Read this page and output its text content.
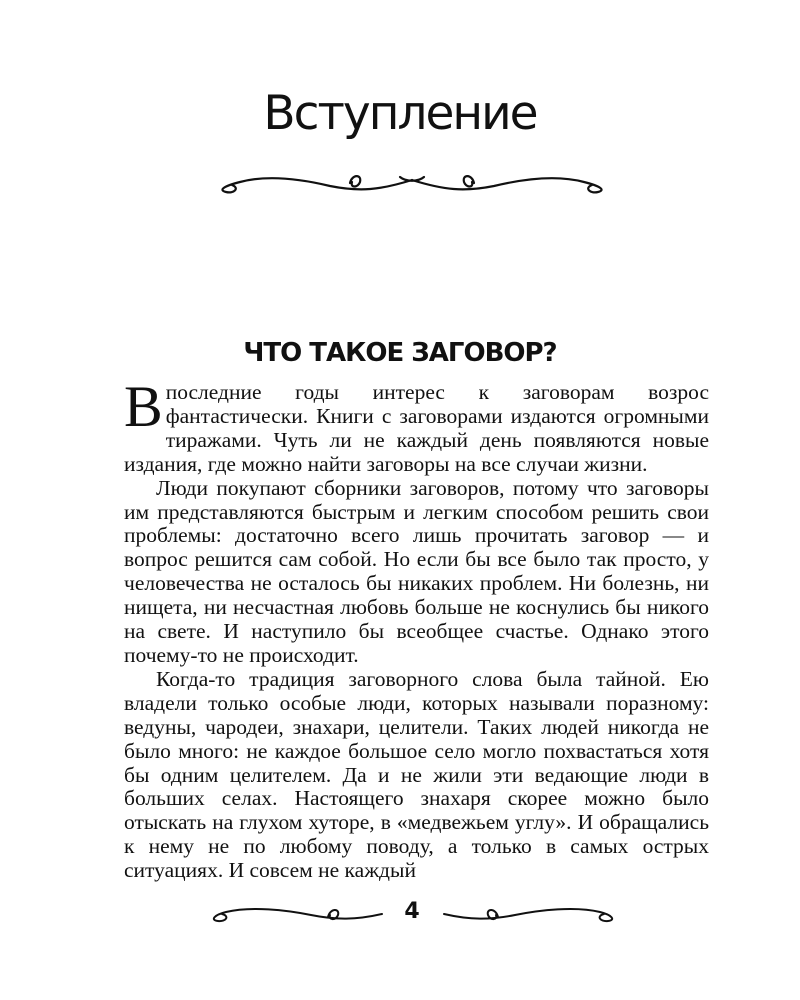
Вступление
ЧТО ТАКОЕ ЗАГОВОР?

Впоследние годы интерес к заговорам возрос фантастически. Книги с заговорами издаются огромными тиражами. Чуть ли не каждый день появляются новые издания, где можно найти заговоры на все случаи жизни.

Люди покупают сборники заговоров, потому что заговоры им представляются быстрым и легким способом решить свои проблемы: достаточно всего лишь прочитать заговор — и вопрос решится сам собой. Но если бы все было так просто, у человечества не осталось бы никаких проблем. Ни болезнь, ни нищета, ни несчастная любовь больше не коснулись бы никого на свете. И наступило бы всеобщее счастье. Однако этого почему-то не происходит.

Когда-то традиция заговорного слова была тайной. Ею владели только особые люди, которых называли поразному: ведуны, чародеи, знахари, целители. Таких людей никогда не было много: не каждое большое село могло похвастаться хотя бы одним целителем. Да и не жили эти ведающие люди в больших селах. Настоящего знахаря скорее можно было отыскать на глухом хуторе, в «медвежьем углу». И обращались к нему не по любому поводу, а только в самых острых ситуациях. И совсем не каждый

4
